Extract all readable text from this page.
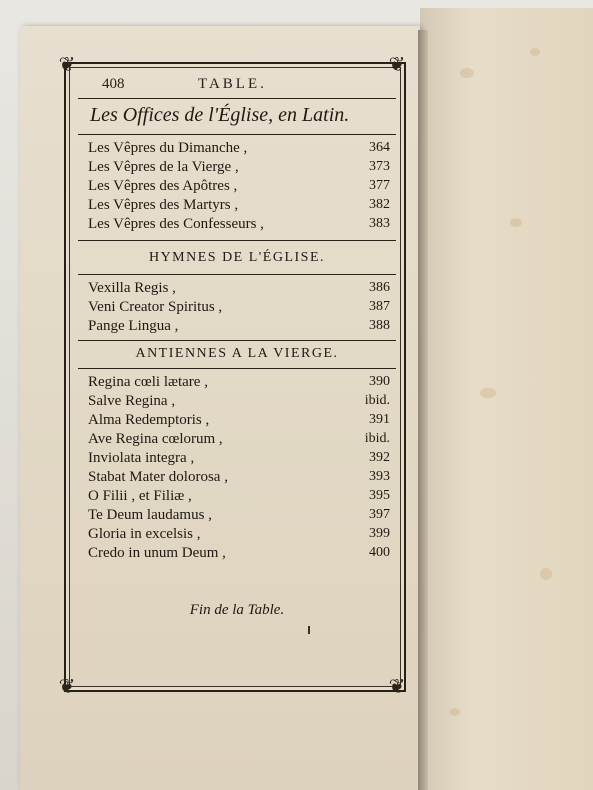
❦	❦
❦	❦
408	TABLE.
Les Offices de l'Église, en Latin.
Les Vêpres du Dimanche ,	364
Les Vêpres de la Vierge ,	373
Les Vêpres des Apôtres ,	377
Les Vêpres des Martyrs ,	382
Les Vêpres des Confesseurs ,	383
HYMNES DE L'ÉGLISE.
Vexilla Regis ,	386
Veni Creator Spiritus ,	387
Pange Lingua ,	388
ANTIENNES A LA VIERGE.
Regina cœli lætare ,	390
Salve Regina ,	ibid.
Alma Redemptoris ,	391
Ave Regina cœlorum ,	ibid.
Inviolata integra ,	392
Stabat Mater dolorosa ,	393
O Filii , et Filiæ ,	395
Te Deum laudamus ,	397
Gloria in excelsis ,	399
Credo in unum Deum ,	400
Fin de la Table.
